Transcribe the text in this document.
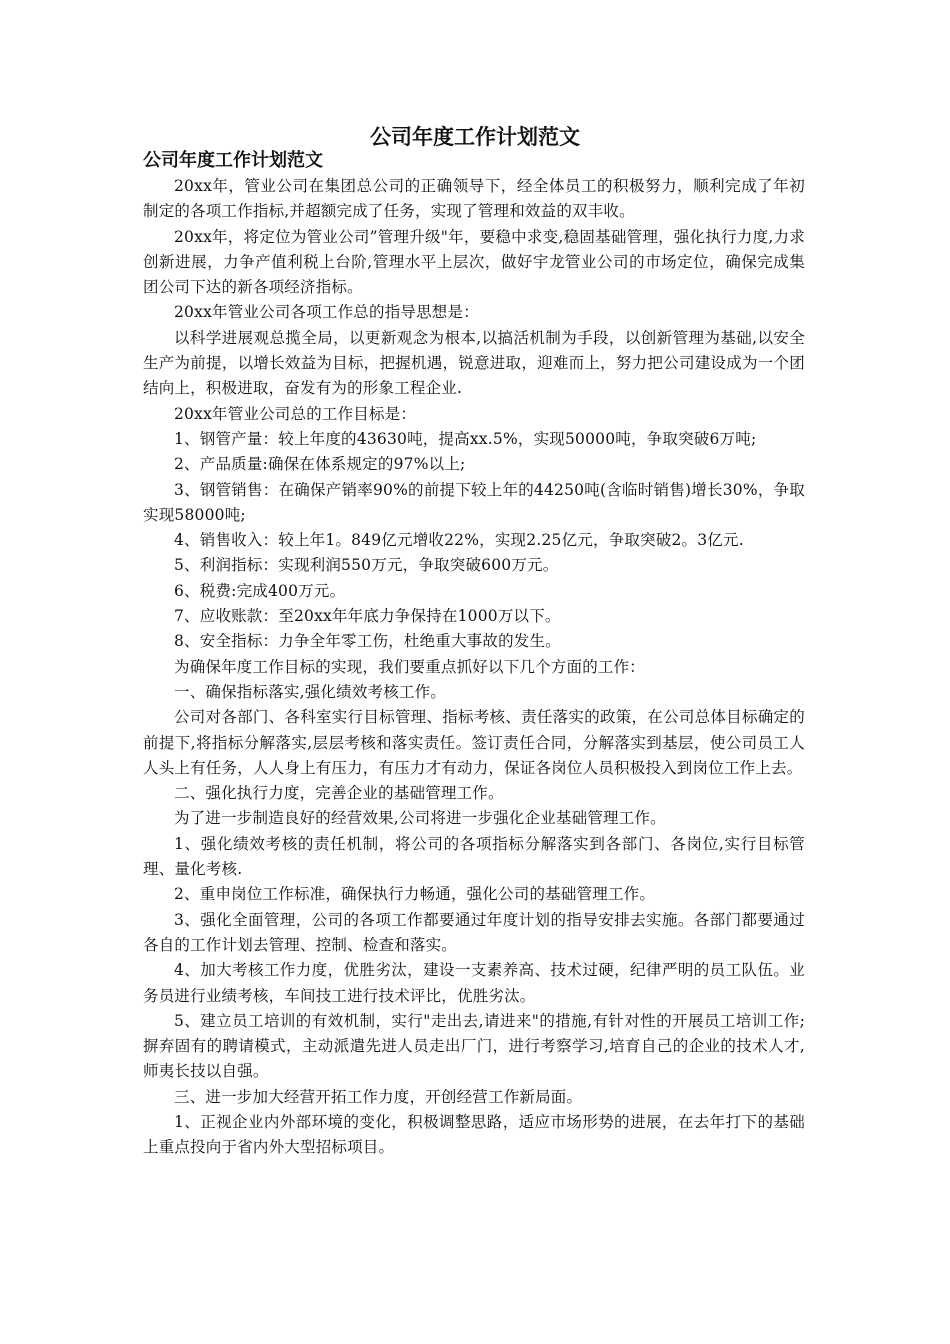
公司年度工作计划范文
公司年度工作计划范文

20xx年，管业公司在集团总公司的正确领导下，经全体员工的积极努力，顺利完成了年初制定的各项工作指标,并超额完成了任务，实现了管理和效益的双丰收。

20xx年，将定位为管业公司”管理升级"年，要稳中求变,稳固基础管理，强化执行力度,力求创新进展，力争产值利税上台阶,管理水平上层次，做好宇龙管业公司的市场定位，确保完成集团公司下达的新各项经济指标。

20xx年管业公司各项工作总的指导思想是：

以科学进展观总揽全局，以更新观念为根本,以搞活机制为手段，以创新管理为基础,以安全生产为前提，以增长效益为目标，把握机遇，锐意进取，迎难而上，努力把公司建设成为一个团结向上，积极进取，奋发有为的形象工程企业.

20xx年管业公司总的工作目标是：

1、钢管产量：较上年度的43630吨，提高xx.5%，实现50000吨，争取突破6万吨;

2、产品质量:确保在体系规定的97%以上;

3、钢管销售：在确保产销率90%的前提下较上年的44250吨(含临时销售)增长30%，争取实现58000吨;

4、销售收入：较上年1。849亿元增收22%，实现2.25亿元，争取突破2。3亿元.

5、利润指标：实现利润550万元，争取突破600万元。

6、税费:完成400万元。

7、应收账款：至20xx年年底力争保持在1000万以下。

8、安全指标：力争全年零工伤，杜绝重大事故的发生。

为确保年度工作目标的实现，我们要重点抓好以下几个方面的工作：

一、确保指标落实,强化绩效考核工作。

公司对各部门、各科室实行目标管理、指标考核、责任落实的政策，在公司总体目标确定的前提下,将指标分解落实,层层考核和落实责任。签订责任合同，分解落实到基层，使公司员工人人头上有任务，人人身上有压力，有压力才有动力，保证各岗位人员积极投入到岗位工作上去。

二、强化执行力度，完善企业的基础管理工作。

为了进一步制造良好的经营效果,公司将进一步强化企业基础管理工作。

1、强化绩效考核的责任机制，将公司的各项指标分解落实到各部门、各岗位,实行目标管理、量化考核.

2、重申岗位工作标准，确保执行力畅通，强化公司的基础管理工作。

3、强化全面管理，公司的各项工作都要通过年度计划的指导安排去实施。各部门都要通过各自的工作计划去管理、控制、检查和落实。

4、加大考核工作力度，优胜劣汰，建设一支素养高、技术过硬，纪律严明的员工队伍。业务员进行业绩考核，车间技工进行技术评比，优胜劣汰。

5、建立员工培训的有效机制，实行"走出去,请进来"的措施,有针对性的开展员工培训工作;摒弃固有的聘请模式，主动派遣先进人员走出厂门，进行考察学习,培育自己的企业的技术人才,师夷长技以自强。

三、进一步加大经营开拓工作力度，开创经营工作新局面。

1、正视企业内外部环境的变化，积极调整思路，适应市场形势的进展，在去年打下的基础上重点投向于省内外大型招标项目。
